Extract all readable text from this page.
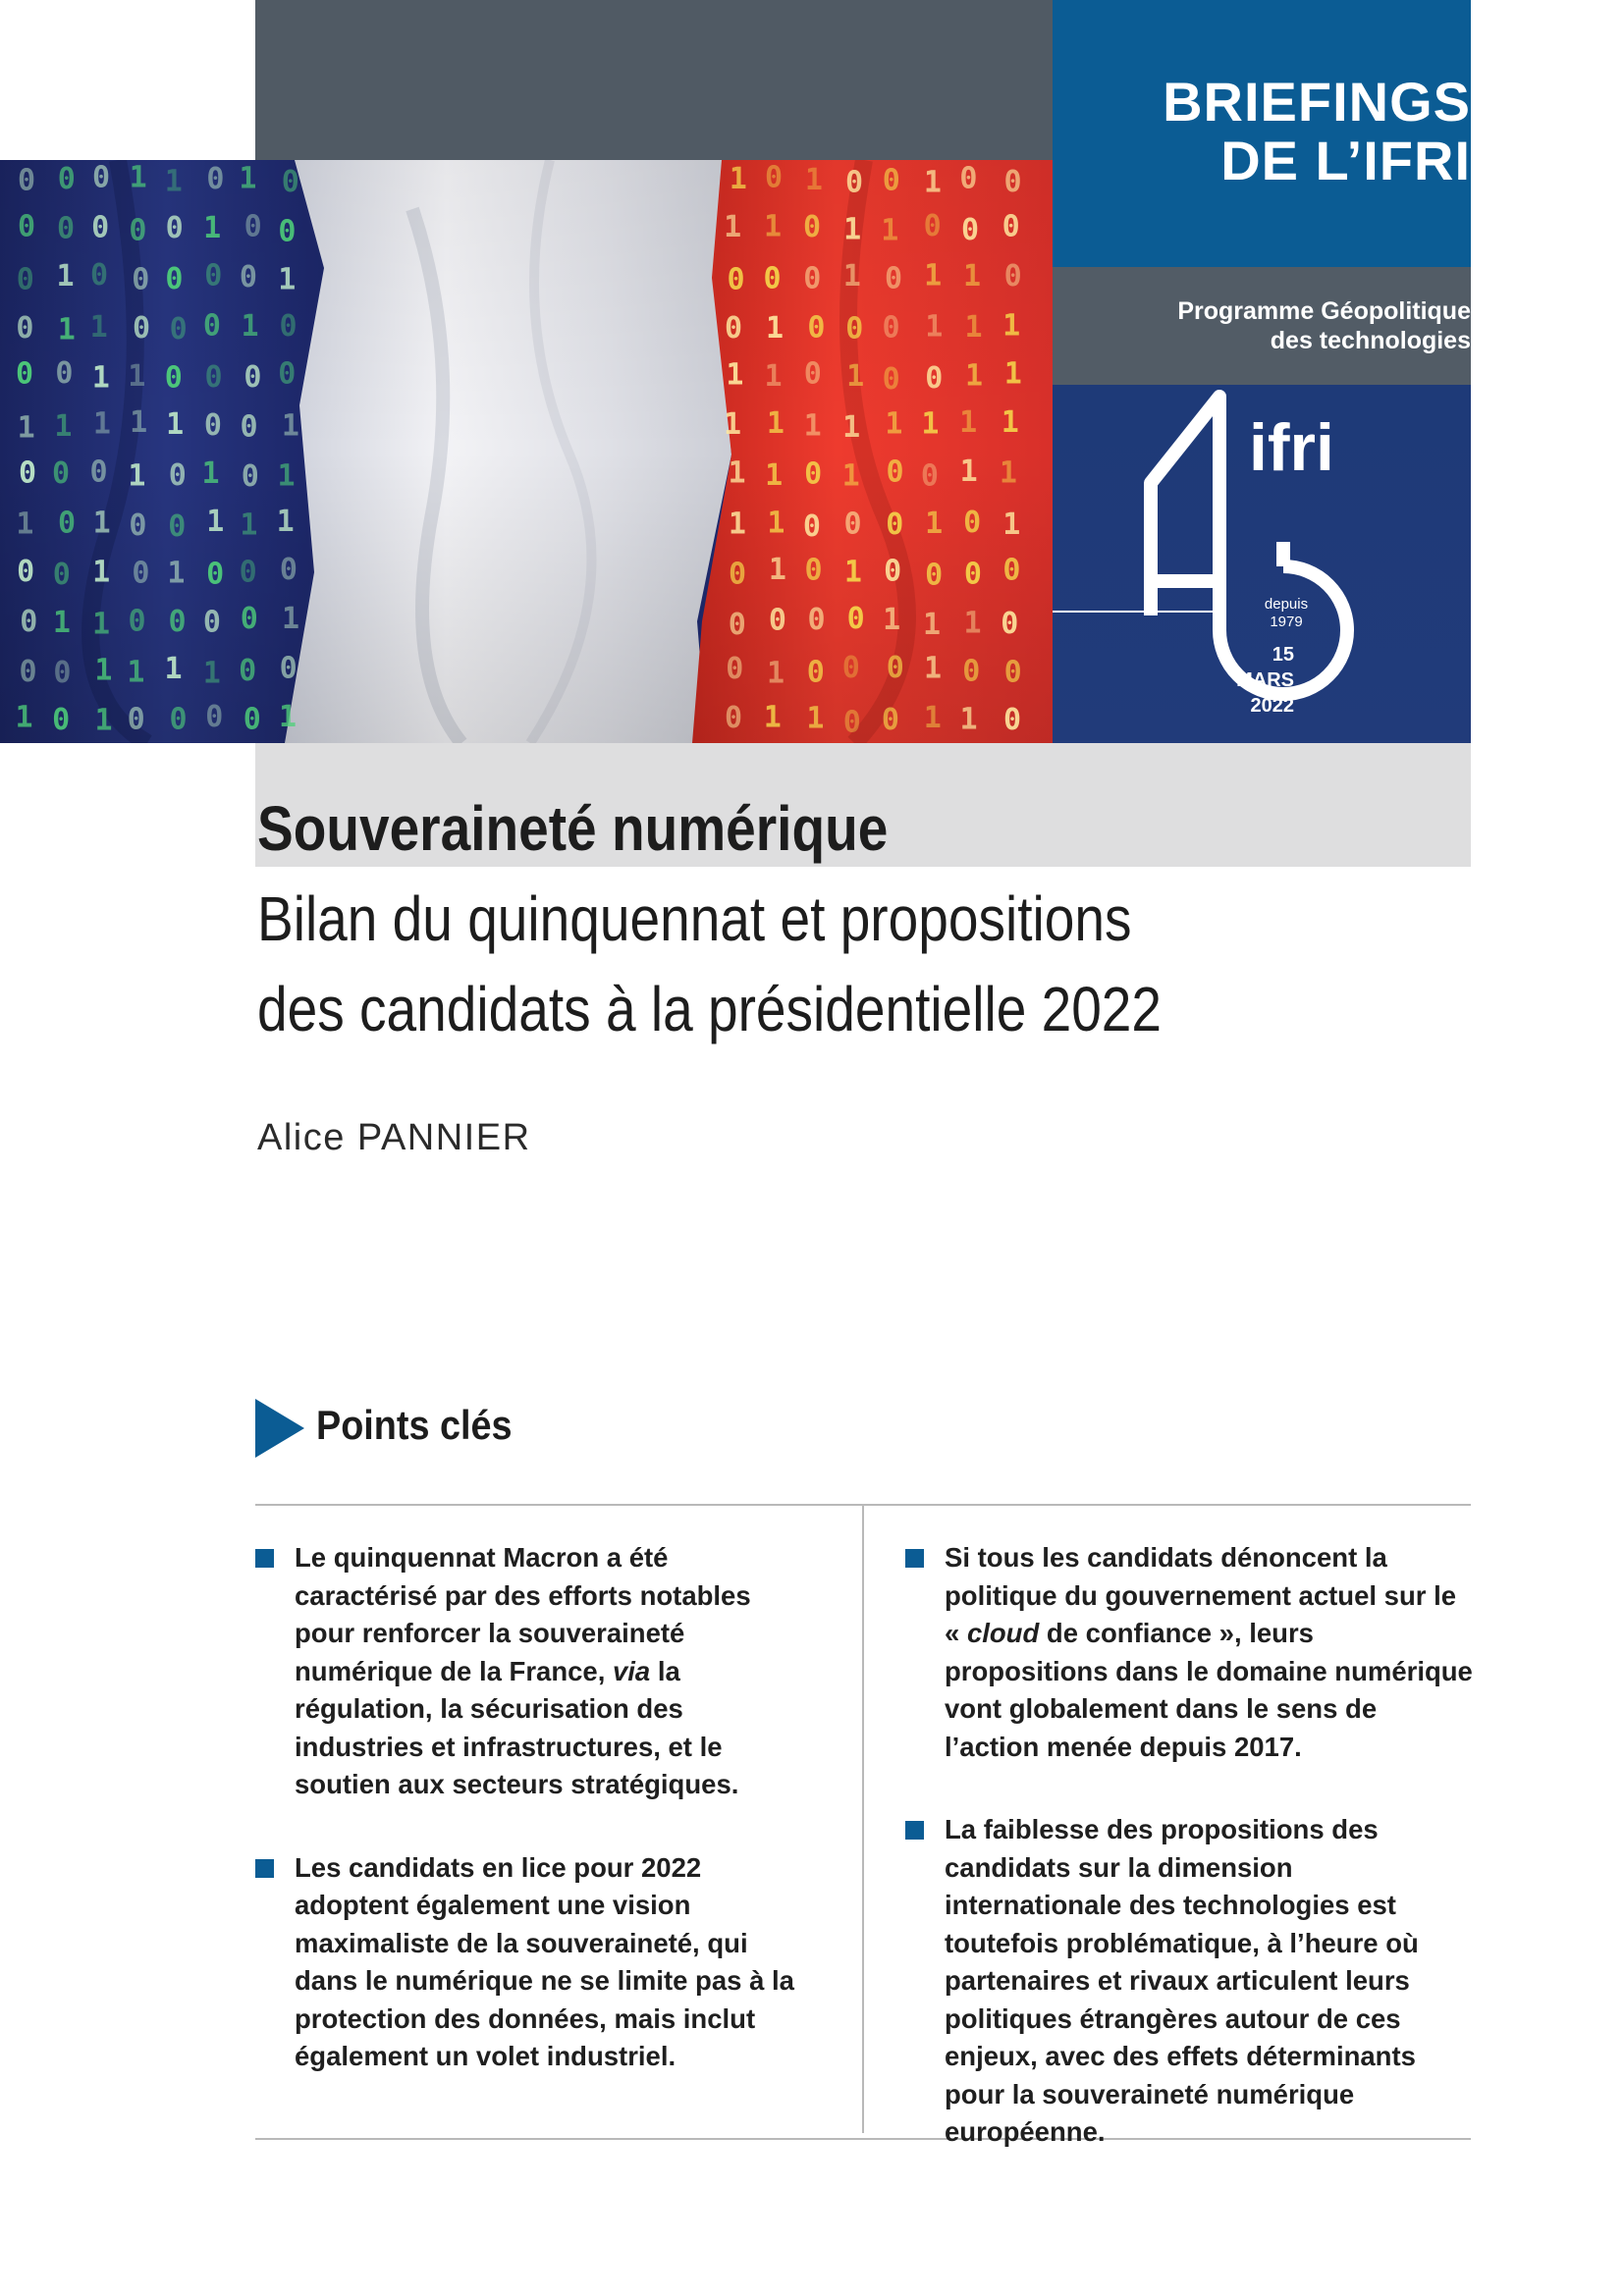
0
0
0
0
0
1
0
1
0
0
0
1
0
0
1
1
0
1
0
0
0
1
0
0
0
0
0
1
1
1
0
1
1
1
1
1
1
0
0
0
1
1
1
0
0
0
1
0
1
0
0
0
0
1
0
0
1
0
1
0
0
1
0
0
0
0
1
1
0
0
1
0
1
0
0
1
0
0
0
1
0
0
0
0
0
0
1
0
0
1
1
1
0
1
0
1
1
1
0
0
1
1
1
1
0
0
0
0
0
1
0
1
1
1
1
1
1
0
1
1
1
0
0
0
0
1
0
0
0
0
0
1
0
1
1
0
1
1
1
0
1
0
0
0
0
1
0
0
0
1
0
0
0
1
0
0
1
0
1
1
0
1
0
1
0
1
1
1
0
0
1
1
1
1
1
0
0
1
0
1
0
0
0
1
1
1
1
1
0
0
0
0
BRIEFINGS
DE L’IFRI
Programme Géopolitique
des technologies
ifri
depuis
1979
15
MARS
2022
Souveraineté numérique
Bilan du quinquennat et propositions
des candidats à la présidentielle 2022
Alice PANNIER
Points clés
Le quinquennat Macron a été caractérisé par des efforts notables pour renforcer la souveraineté numérique de la France, via la régulation, la sécurisation des industries et infrastructures, et le soutien aux secteurs stratégiques.
Les candidats en lice pour 2022 adoptent également une vision maximaliste de la souveraineté, qui dans le numérique ne se limite pas à la protection des données, mais inclut également un volet industriel.
Si tous les candidats dénoncent la politique du gouvernement actuel sur le « cloud de confiance », leurs propositions dans le domaine numérique vont globalement dans le sens de l’action menée depuis 2017.
La faiblesse des propositions des candidats sur la dimension internationale des technologies est toutefois problématique, à l’heure où partenaires et rivaux articulent leurs politiques étrangères autour de ces enjeux, avec des effets déterminants pour la souveraineté numérique européenne.
